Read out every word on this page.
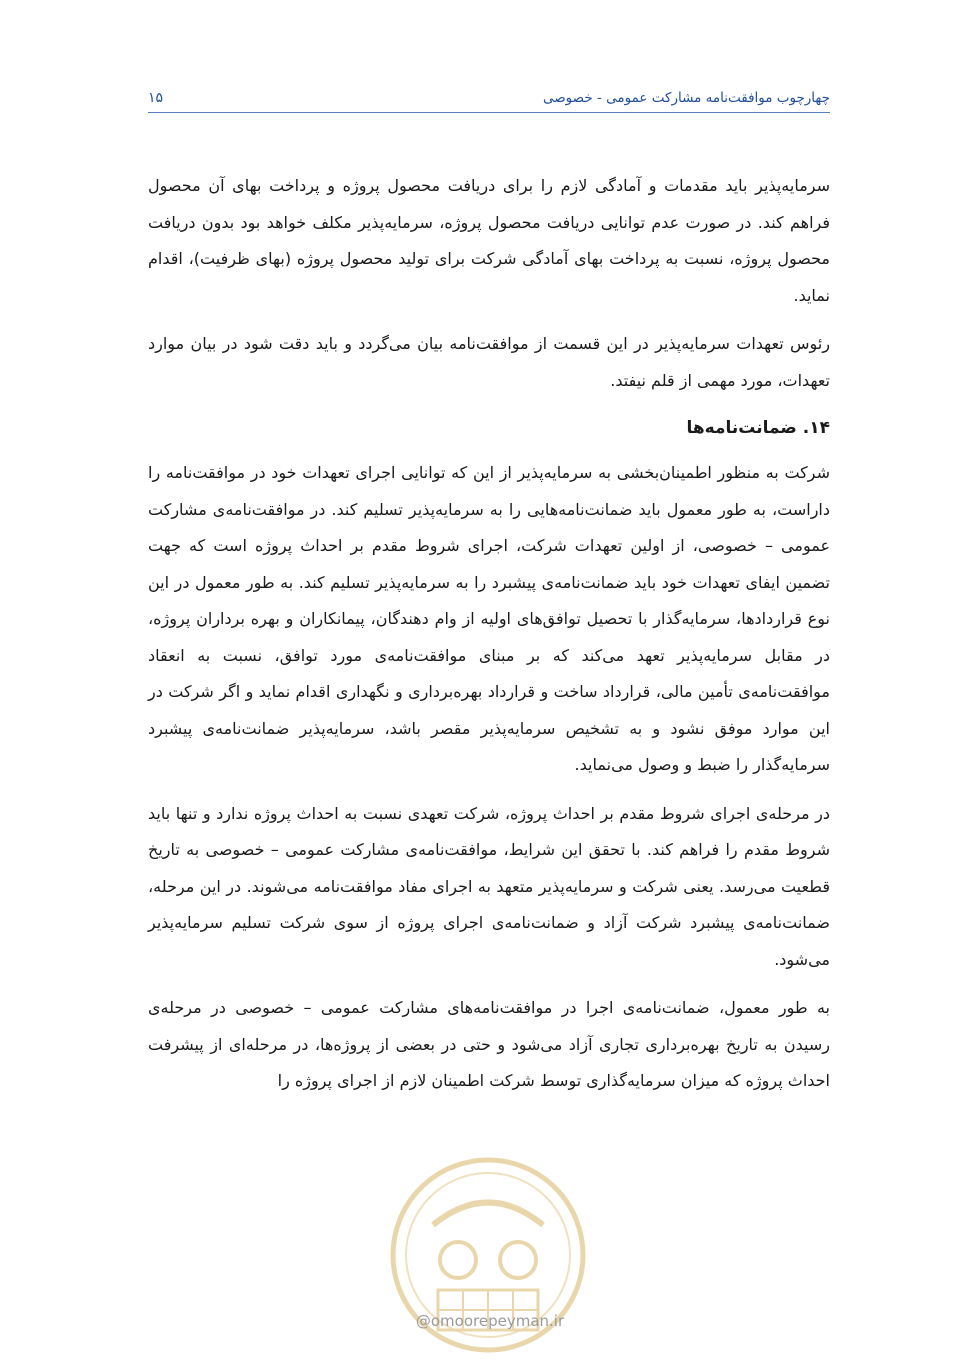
چهارچوب موافقت‌نامه مشارکت عمومی - خصوصی
۱۵

سرمایه‌پذیر باید مقدمات و آمادگی لازم را برای دریافت محصول پروژه و پرداخت بهای آن محصول فراهم کند. در صورت عدم توانایی دریافت محصول پروژه، سرمایه‌پذیر مکلف خواهد بود بدون دریافت محصول پروژه، نسبت به پرداخت بهای آمادگی شرکت برای تولید محصول پروژه (بهای ظرفیت)، اقدام نماید.

رئوس تعهدات سرمایه‌پذیر در این قسمت از موافقت‌نامه بیان می‌گردد و باید دقت شود در بیان موارد تعهدات، مورد مهمی از قلم نیفتد.

۱۴. ضمانت‌نامه‌ها

شرکت به منظور اطمینان‌بخشی به سرمایه‌پذیر از این که توانایی اجرای تعهدات خود در موافقت‌نامه را داراست، به طور معمول باید ضمانت‌نامه‌هایی را به سرمایه‌پذیر تسلیم کند. در موافقت‌نامه‌ی مشارکت عمومی – خصوصی، از اولین تعهدات شرکت، اجرای شروط مقدم بر احداث پروژه است که جهت تضمین ایفای تعهدات خود باید ضمانت‌نامه‌ی پیشبرد را به سرمایه‌پذیر تسلیم کند. به طور معمول در این نوع قراردادها، سرمایه‌گذار با تحصیل توافق‌های اولیه از وام دهندگان، پیمانکاران و بهره برداران پروژه، در مقابل سرمایه‌پذیر تعهد می‌کند که بر مبنای موافقت‌نامه‌ی مورد توافق، نسبت به انعقاد موافقت‌نامه‌ی تأمین مالی، قرارداد ساخت و قرارداد بهره‌برداری و نگهداری اقدام نماید و اگر شرکت در این موارد موفق نشود و به تشخیص سرمایه‌پذیر مقصر باشد، سرمایه‌پذیر ضمانت‌نامه‌ی پیشبرد سرمایه‌گذار را ضبط و وصول می‌نماید.

در مرحله‌ی اجرای شروط مقدم بر احداث پروژه، شرکت تعهدی نسبت به احداث پروژه ندارد و تنها باید شروط مقدم را فراهم کند. با تحقق این شرایط، موافقت‌نامه‌ی مشارکت عمومی – خصوصی به تاریخ قطعیت می‌رسد. یعنی شرکت و سرمایه‌پذیر متعهد به اجرای مفاد موافقت‌نامه می‌شوند. در این مرحله، ضمانت‌نامه‌ی پیشبرد شرکت آزاد و ضمانت‌نامه‌ی اجرای پروژه از سوی شرکت تسلیم سرمایه‌پذیر می‌شود.

به طور معمول، ضمانت‌نامه‌ی اجرا در موافقت‌نامه‌های مشارکت عمومی – خصوصی در مرحله‌ی رسیدن به تاریخ بهره‌برداری تجاری آزاد می‌شود و حتی در بعضی از پروژه‌ها، در مرحله‌ای از پیشرفت احداث پروژه که میزان سرمایه‌گذاری توسط شرکت اطمینان لازم از اجرای پروژه را

@omoorepeyman.ir
